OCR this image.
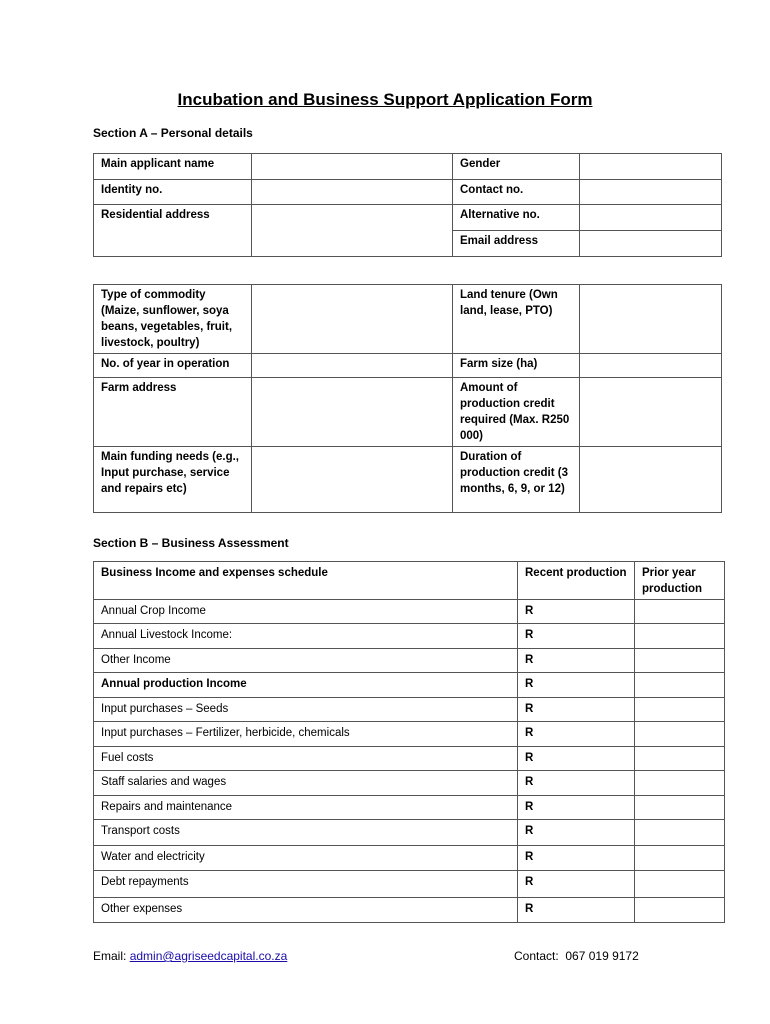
Incubation and Business Support Application Form
Section A – Personal details
Main applicant name		Gender	
Identity no.		Contact no.	
Residential address		Alternative no.	
		Email address	
Type of commodity (Maize, sunflower, soya beans, vegetables, fruit, livestock, poultry)		Land tenure (Own land, lease, PTO)	
No. of year in operation		Farm size (ha)	
Farm address		Amount of production credit required (Max. R250 000)	
Main funding needs (e.g., Input purchase, service and repairs etc)		Duration of production credit (3 months, 6, 9, or 12)	
Section B – Business Assessment
Business Income and expenses schedule	Recent production	Prior year production
Annual Crop Income	R	
Annual Livestock Income:	R	
Other Income	R	
Annual production Income	R	
Input purchases – Seeds	R	
Input purchases – Fertilizer, herbicide, chemicals	R	
Fuel costs	R	
Staff salaries and wages	R	
Repairs and maintenance	R	
Transport costs	R	
Water and electricity	R	
Debt repayments	R	
Other expenses	R	
Email: admin@agriseedcapital.co.za	Contact: 067 019 9172
